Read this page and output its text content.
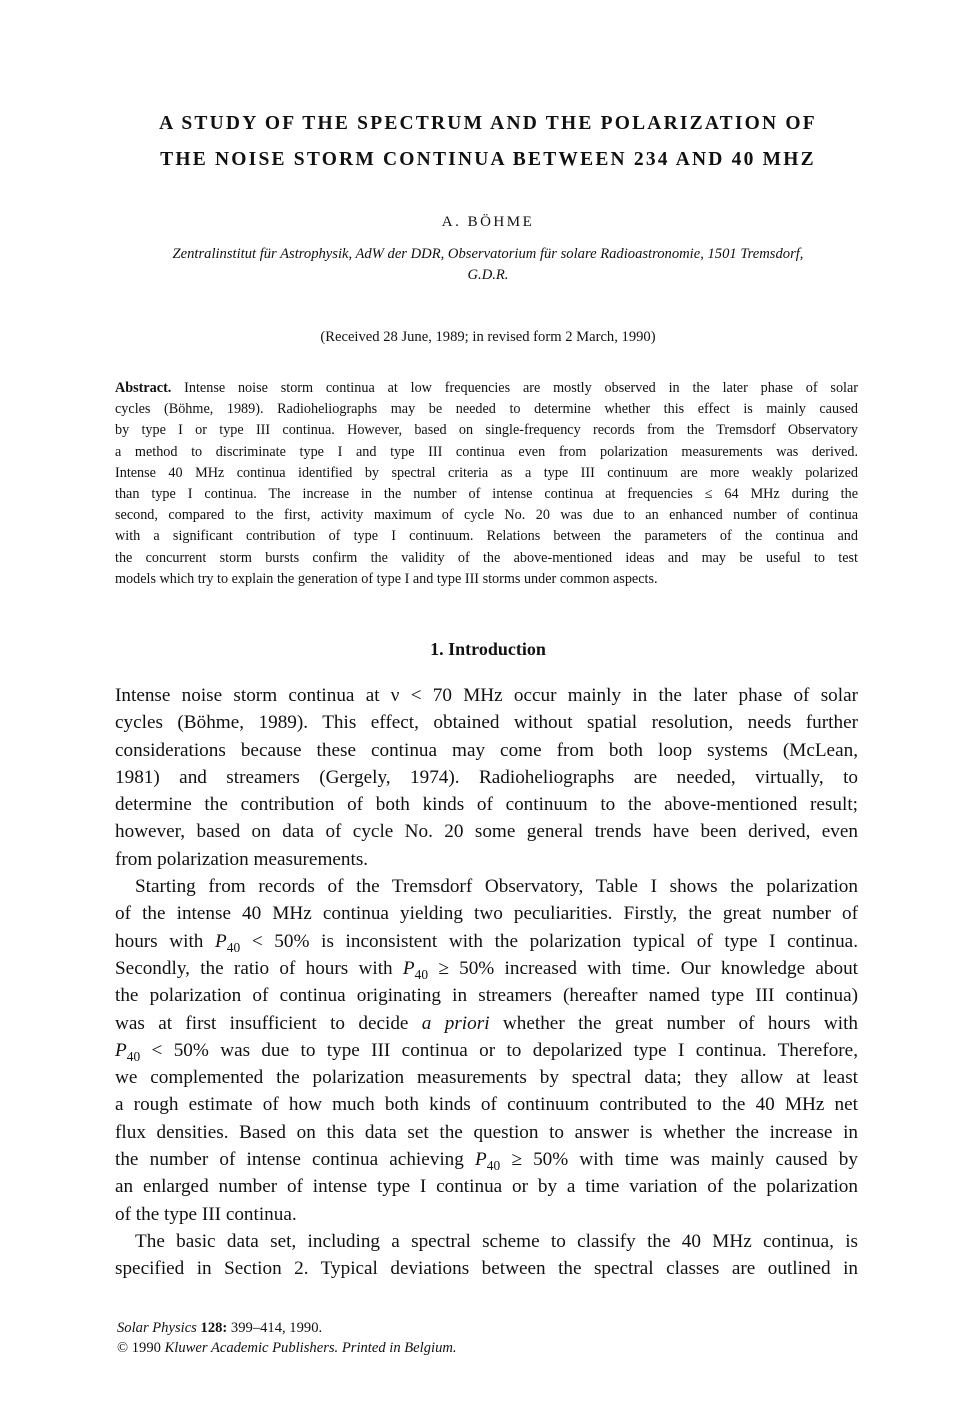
A STUDY OF THE SPECTRUM AND THE POLARIZATION OF
THE NOISE STORM CONTINUA BETWEEN 234 AND 40 MHZ
A. BÖHME
Zentralinstitut für Astrophysik, AdW der DDR, Observatorium für solare Radioastronomie, 1501 Tremsdorf,
G.D.R.
(Received 28 June, 1989; in revised form 2 March, 1990)
Abstract. Intense noise storm continua at low frequencies are mostly observed in the later phase of solar
cycles (Böhme, 1989). Radioheliographs may be needed to determine whether this effect is mainly caused
by type I or type III continua. However, based on single-frequency records from the Tremsdorf Observatory
a method to discriminate type I and type III continua even from polarization measurements was derived.
Intense 40 MHz continua identified by spectral criteria as a type III continuum are more weakly polarized
than type I continua. The increase in the number of intense continua at frequencies ≤ 64 MHz during the
second, compared to the first, activity maximum of cycle No. 20 was due to an enhanced number of continua
with a significant contribution of type I continuum. Relations between the parameters of the continua and
the concurrent storm bursts confirm the validity of the above-mentioned ideas and may be useful to test
models which try to explain the generation of type I and type III storms under common aspects.
1. Introduction
Intense noise storm continua at ν < 70 MHz occur mainly in the later phase of solar
cycles (Böhme, 1989). This effect, obtained without spatial resolution, needs further
considerations because these continua may come from both loop systems (McLean,
1981) and streamers (Gergely, 1974). Radioheliographs are needed, virtually, to
determine the contribution of both kinds of continuum to the above-mentioned result;
however, based on data of cycle No. 20 some general trends have been derived, even
from polarization measurements.
Starting from records of the Tremsdorf Observatory, Table I shows the polarization
of the intense 40 MHz continua yielding two peculiarities. Firstly, the great number of
hours with $P_{40} < 50\%$ is inconsistent with the polarization typical of type I continua.
Secondly, the ratio of hours with $P_{40} \ge 50\%$ increased with time. Our knowledge about
the polarization of continua originating in streamers (hereafter named type III continua)
was at first insufficient to decide a priori whether the great number of hours with
$P_{40} < 50\%$ was due to type III continua or to depolarized type I continua. Therefore,
we complemented the polarization measurements by spectral data; they allow at least
a rough estimate of how much both kinds of continuum contributed to the 40 MHz net
flux densities. Based on this data set the question to answer is whether the increase in
the number of intense continua achieving $P_{40} \ge 50\%$ with time was mainly caused by
an enlarged number of intense type I continua or by a time variation of the polarization
of the type III continua.
The basic data set, including a spectral scheme to classify the 40 MHz continua, is
specified in Section 2. Typical deviations between the spectral classes are outlined in
Solar Physics 128: 399–414, 1990.
© 1990 Kluwer Academic Publishers. Printed in Belgium.
